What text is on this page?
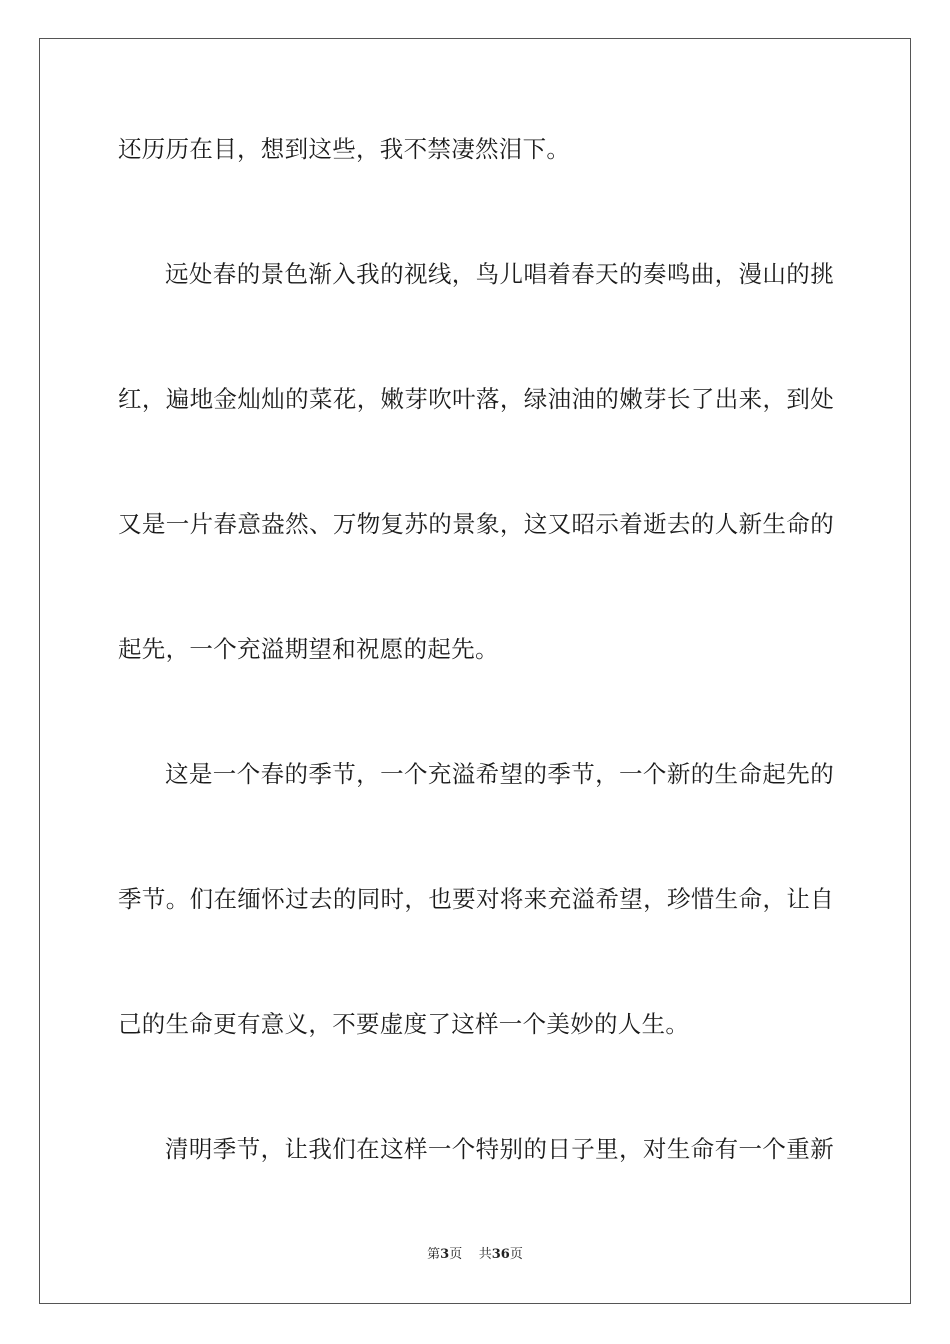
还历历在目，想到这些，我不禁凄然泪下。
远处春的景色渐入我的视线，鸟儿唱着春天的奏鸣曲，漫山的挑
红，遍地金灿灿的菜花，嫩芽吹叶落，绿油油的嫩芽长了出来，到处
又是一片春意盎然、万物复苏的景象，这又昭示着逝去的人新生命的
起先，一个充溢期望和祝愿的起先。
这是一个春的季节，一个充溢希望的季节，一个新的生命起先的
季节。们在缅怀过去的同时，也要对将来充溢希望，珍惜生命，让自
己的生命更有意义，不要虚度了这样一个美妙的人生。
清明季节，让我们在这样一个特别的日子里，对生命有一个重新
第3页 共36页
